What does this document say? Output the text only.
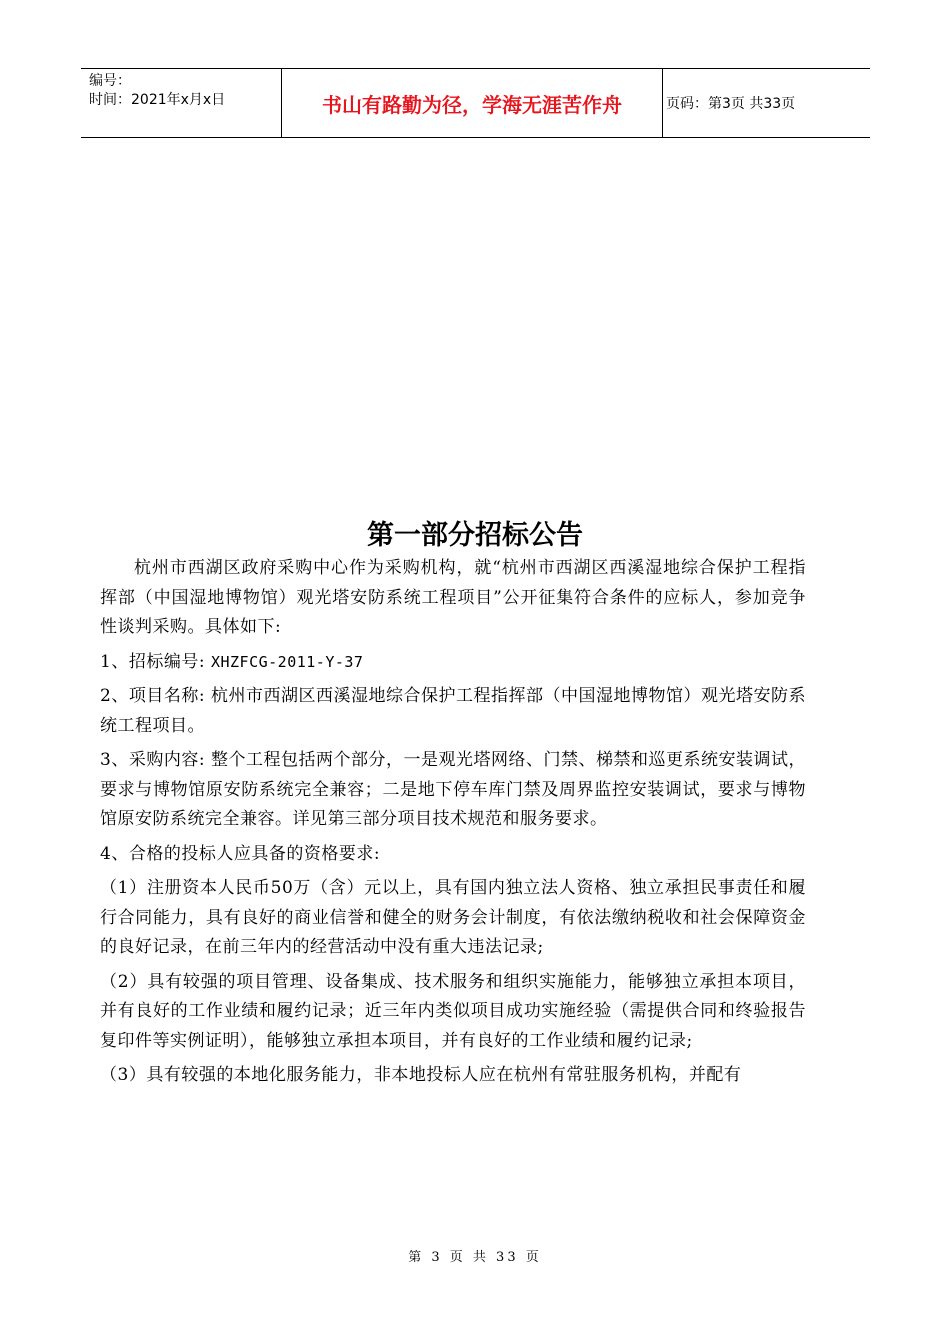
编号：
时间：2021年x月x日	书山有路勤为径，学海无涯苦作舟	页码：第3页 共33页
第一部分招标公告

杭州市西湖区政府采购中心作为采购机构，就“杭州市西湖区西溪湿地综合保护工程指挥部（中国湿地博物馆）观光塔安防系统工程项目”公开征集符合条件的应标人，参加竞争性谈判采购。具体如下:

1、招标编号: XHZFCG-2011-Y-37

2、项目名称: 杭州市西湖区西溪湿地综合保护工程指挥部（中国湿地博物馆）观光塔安防系统工程项目。

3、采购内容: 整个工程包括两个部分，一是观光塔网络、门禁、梯禁和巡更系统安装调试，要求与博物馆原安防系统完全兼容；二是地下停车库门禁及周界监控安装调试，要求与博物馆原安防系统完全兼容。详见第三部分项目技术规范和服务要求。

4、合格的投标人应具备的资格要求:

（1）注册资本人民币50万（含）元以上，具有国内独立法人资格、独立承担民事责任和履行合同能力，具有良好的商业信誉和健全的财务会计制度，有依法缴纳税收和社会保障资金的良好记录，在前三年内的经营活动中没有重大违法记录;

（2）具有较强的项目管理、设备集成、技术服务和组织实施能力，能够独立承担本项目，并有良好的工作业绩和履约记录；近三年内类似项目成功实施经验（需提供合同和终验报告复印件等实例证明），能够独立承担本项目，并有良好的工作业绩和履约记录;

（3）具有较强的本地化服务能力，非本地投标人应在杭州有常驻服务机构，并配有

第 3 页 共 33 页
